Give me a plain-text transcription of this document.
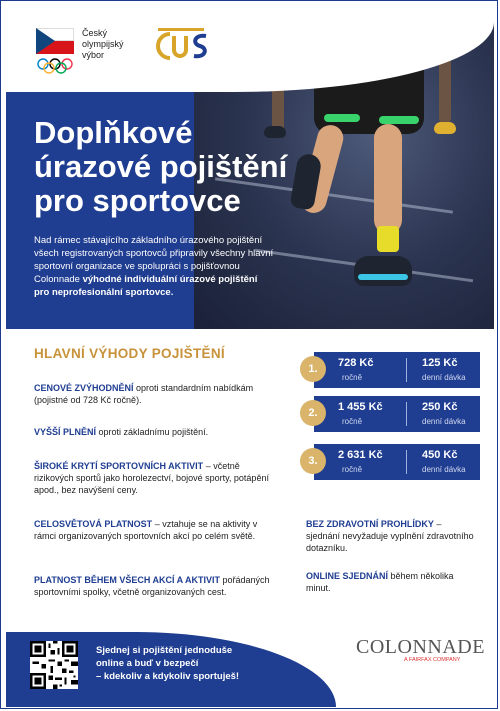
Český
olympijský
výbor
Doplňkové
úrazové pojištění
pro sportovce
Nad rámec stávajícího základního úrazového pojištění všech registrovaných sportovců připravily všechny hlavní sportovní organizace ve spolupráci s pojišťovnou Colonnade výhodné individuální úrazové pojištění pro neprofesionální sportovce.
HLAVNÍ VÝHODY POJIŠTĚNÍ
CENOVÉ ZVÝHODNĚNÍ oproti standardním nabídkám (pojistné od 728 Kč ročně).
VYŠŠÍ PLNĚNÍ oproti základnímu pojištění.
ŠIROKÉ KRYTÍ SPORTOVNÍCH AKTIVIT – včetně rizikových sportů jako horolezectví, bojové sporty, potápění apod., bez navýšení ceny.
CELOSVĚTOVÁ PLATNOST – vztahuje se na aktivity v rámci organizovaných sportovních akcí po celém světě.
PLATNOST BĚHEM VŠECH AKCÍ A AKTIVIT pořádaných sportovními spolky, včetně organizovaných cest.
BEZ ZDRAVOTNÍ PROHLÍDKY – sjednání nevyžaduje vyplnění zdravotního dotazníku.
ONLINE SJEDNÁNÍ během několika minut.
1.	728 Kč
ročně
125 Kč
denní dávka
2.	1 455 Kč
ročně
250 Kč
denní dávka
3.	2 631 Kč
ročně
450 Kč
denní dávka
Sjednej si pojištění jednoduše
online a buď v bezpečí
– kdekoliv a kdykoliv sportuješ!
COLONNADE
A FAIRFAX COMPANY
